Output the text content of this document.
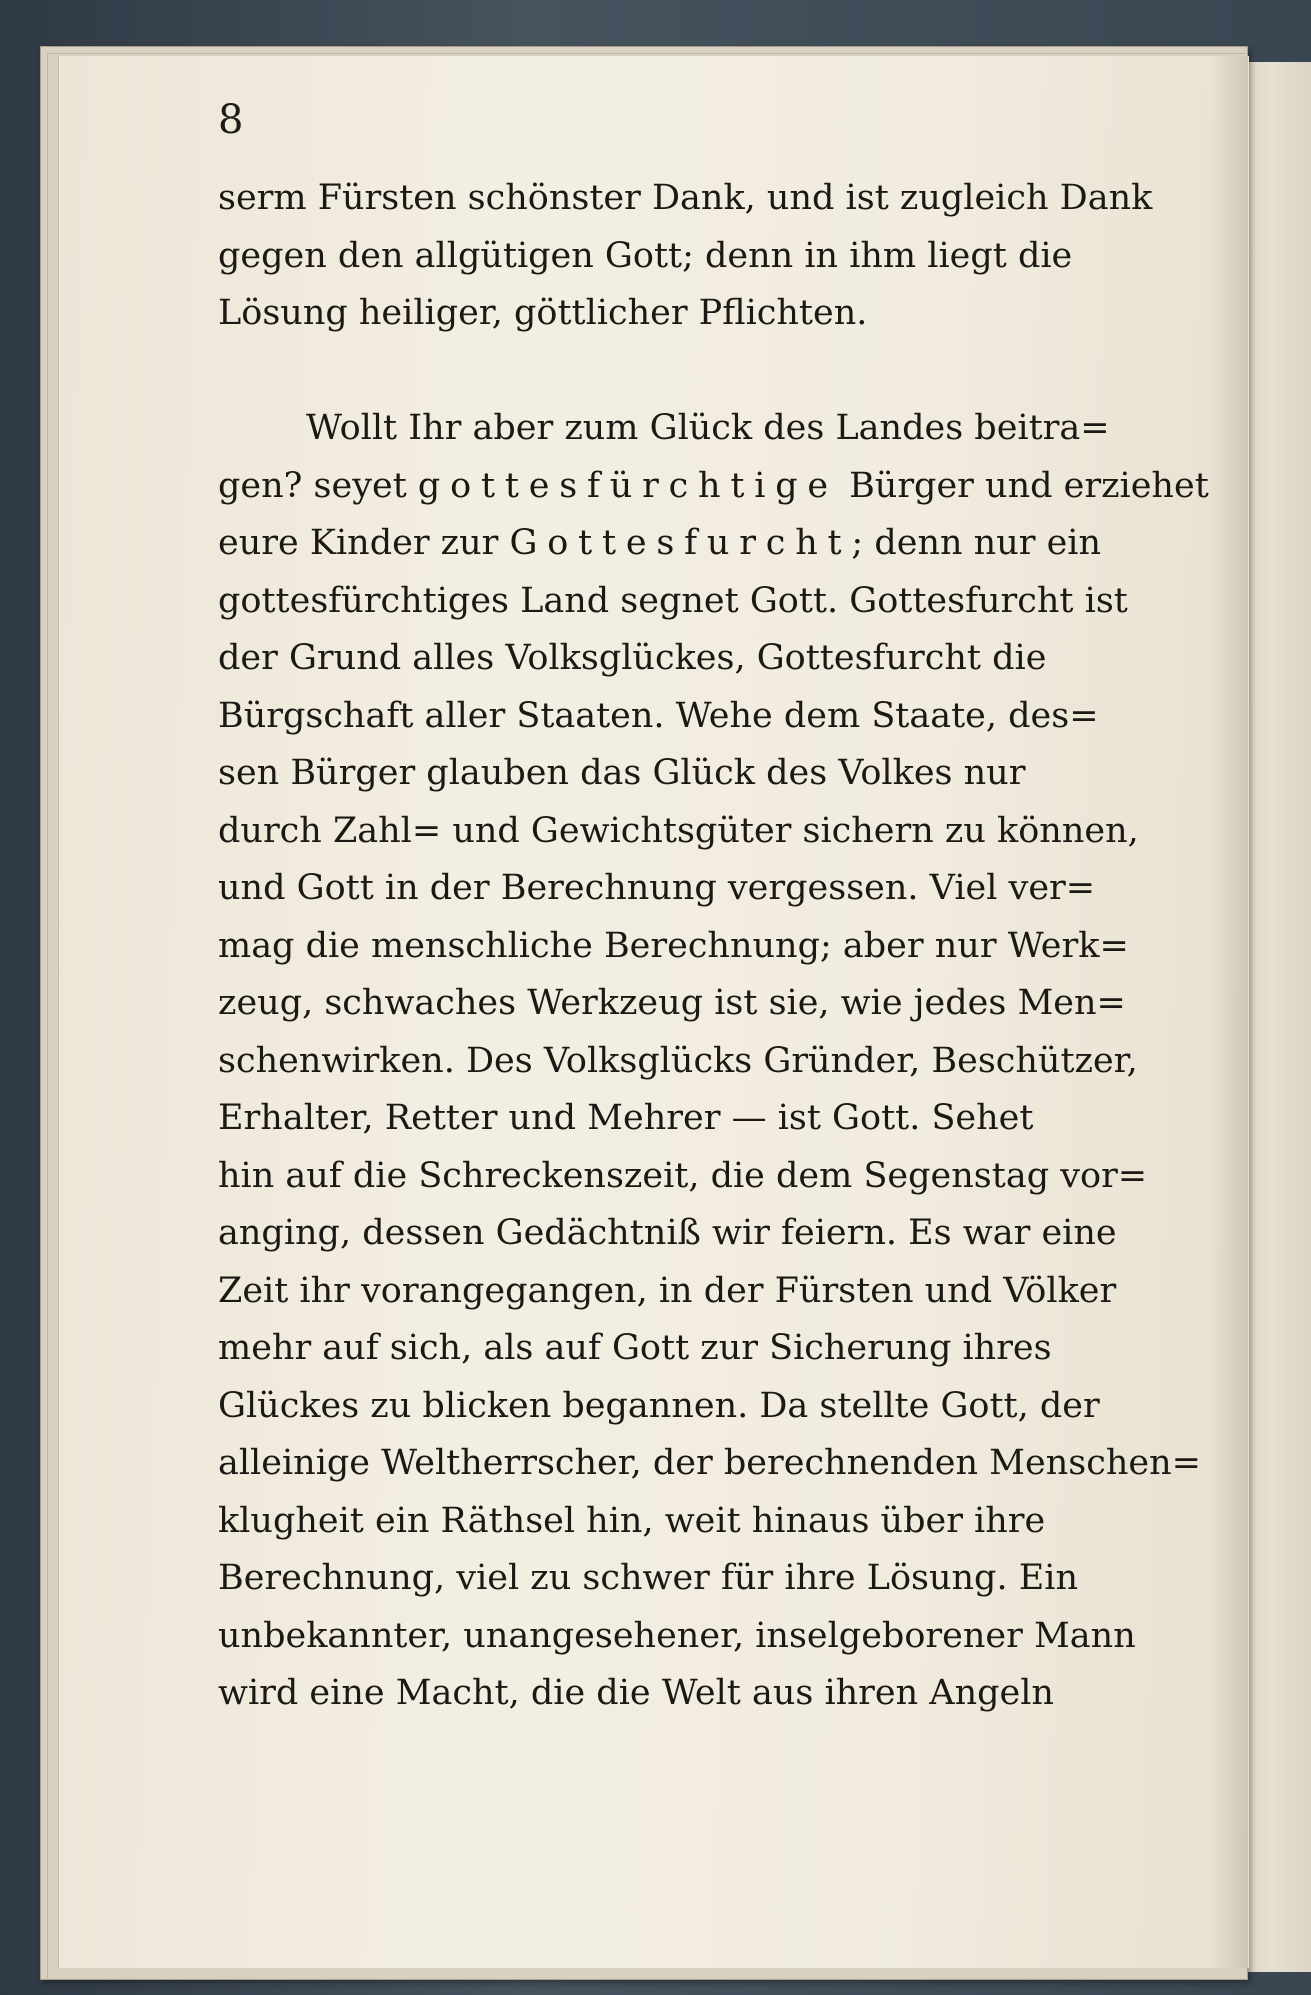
8
serm Fürsten schönster Dank, und ist zugleich Dank
gegen den allgütigen Gott; denn in ihm liegt die
Lösung heiliger, göttlicher Pflichten.
Wollt Ihr aber zum Glück des Landes beitra=
gen? seyet gottesfürchtige Bürger und erziehet
eure Kinder zur Gottesfurcht; denn nur ein
gottesfürchtiges Land segnet Gott. Gottesfurcht ist
der Grund alles Volksglückes, Gottesfurcht die
Bürgschaft aller Staaten. Wehe dem Staate, des=
sen Bürger glauben das Glück des Volkes nur
durch Zahl= und Gewichtsgüter sichern zu können,
und Gott in der Berechnung vergessen. Viel ver=
mag die menschliche Berechnung; aber nur Werk=
zeug, schwaches Werkzeug ist sie, wie jedes Men=
schenwirken. Des Volksglücks Gründer, Beschützer,
Erhalter, Retter und Mehrer — ist Gott. Sehet
hin auf die Schreckenszeit, die dem Segenstag vor=
anging, dessen Gedächtniß wir feiern. Es war eine
Zeit ihr vorangegangen, in der Fürsten und Völker
mehr auf sich, als auf Gott zur Sicherung ihres
Glückes zu blicken begannen. Da stellte Gott, der
alleinige Weltherrscher, der berechnenden Menschen=
klugheit ein Räthsel hin, weit hinaus über ihre
Berechnung, viel zu schwer für ihre Lösung. Ein
unbekannter, unangesehener, inselgeborener Mann
wird eine Macht, die die Welt aus ihren Angeln
